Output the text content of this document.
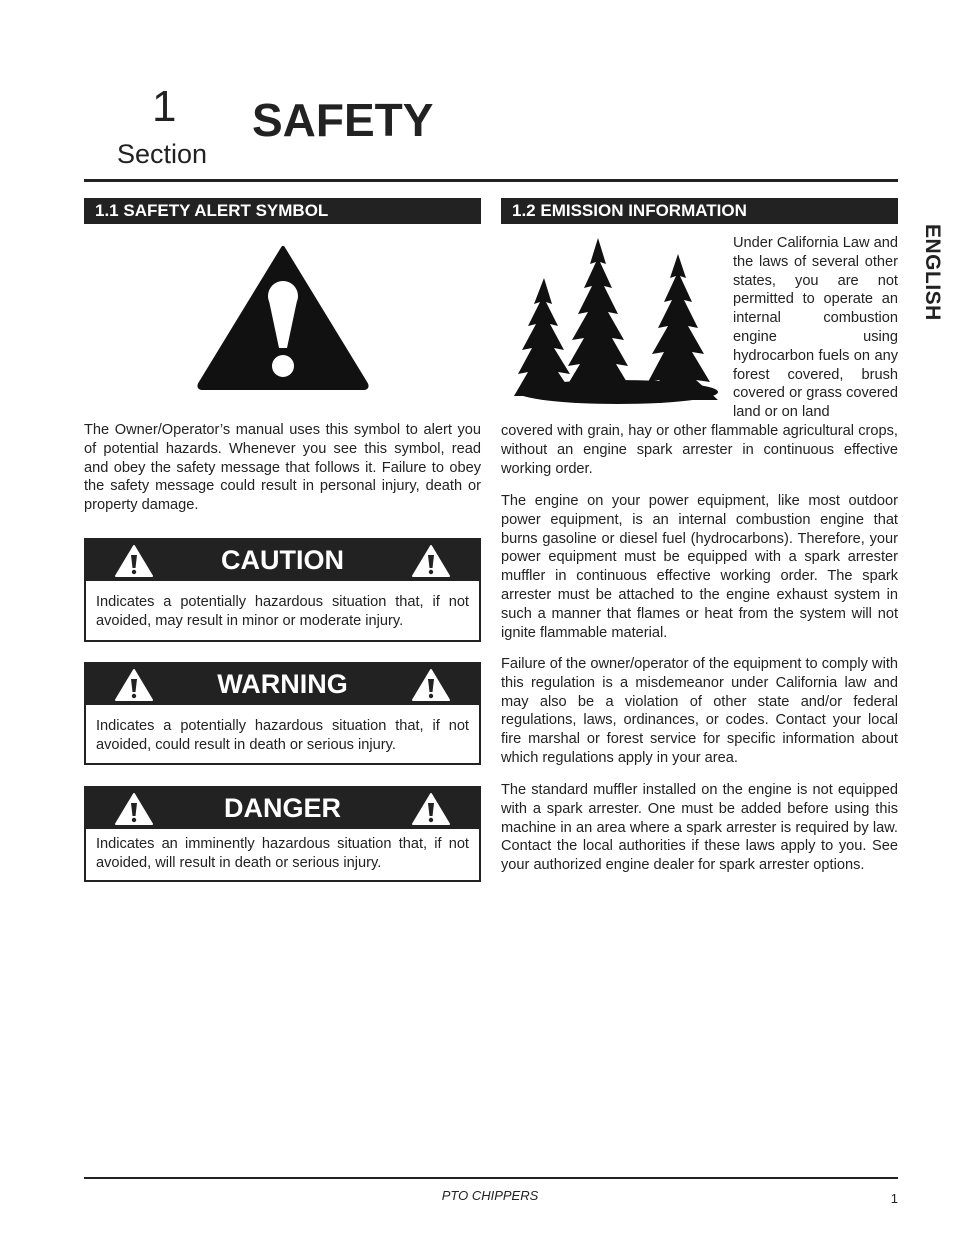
1
Section
SAFETY
ENGLISH
1.1 SAFETY ALERT SYMBOL
The Owner/Operator’s manual uses this symbol to alert you of potential hazards. Whenever you see this symbol, read and obey the safety message that follows it. Failure to obey the safety message could result in personal injury, death or property damage.
CAUTION
Indicates a potentially hazardous situation that, if not avoided, may result in minor or moderate injury.
WARNING
Indicates a potentially hazardous situation that, if not avoided, could result in death or serious injury.
DANGER
Indicates an imminently hazardous situation that, if not avoided, will result in death or serious injury.
1.2 EMISSION INFORMATION
Under California Law and the laws of several other states, you are not permitted to operate an internal combustion engine using hydrocarbon fuels on any forest covered, brush covered or grass covered land or on land
covered with grain, hay or other flammable agricultural crops, without an engine spark arrester in continuous effective working order.
The engine on your power equipment, like most outdoor power equipment, is an internal combustion engine that burns gasoline or diesel fuel (hydrocarbons). Therefore, your power equipment must be equipped with a spark arrester muffler in continuous effective working order. The spark arrester must be attached to the engine exhaust system in such a manner that flames or heat from the system will not ignite flammable material.
Failure of the owner/operator of the equipment to comply with this regulation is a misdemeanor under California law and may also be a violation of other state and/or federal regulations, laws, ordinances, or codes. Contact your local fire marshal or forest service for specific information about which regulations apply in your area.
The standard muffler installed on the engine is not equipped with a spark arrester. One must be added before using this machine in an area where a spark arrester is required by law. Contact the local authorities if these laws apply to you. See your authorized engine dealer for spark arrester options.
PTO CHIPPERS	1
